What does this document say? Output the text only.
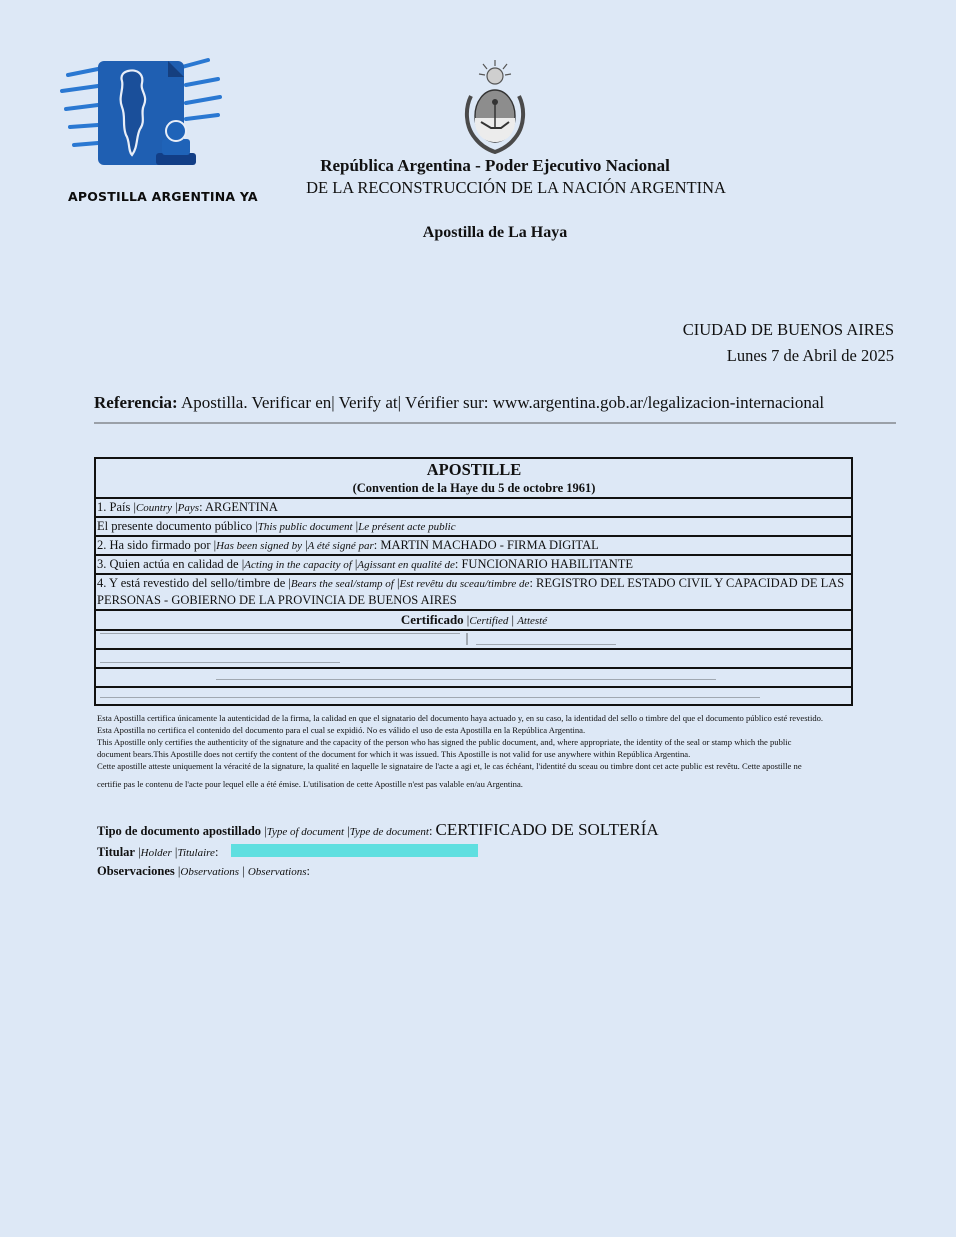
APOSTILLA ARGENTINA YA
República Argentina - Poder Ejecutivo Nacional
DE LA RECONSTRUCCIÓN DE LA NACIÓN ARGENTINA
Apostilla de La Haya
CIUDAD DE BUENOS AIRES
Lunes 7 de Abril de 2025
Referencia: Apostilla. Verificar en| Verify at| Vérifier sur: www.argentina.gob.ar/legalizacion-internacional
APOSTILLE
(Convention de la Haye du 5 de octobre 1961)
1. País |Country |Pays: ARGENTINA
El presente documento público |This public document |Le présent acte public
2. Ha sido firmado por |Has been signed by |A été signé par: MARTIN MACHADO - FIRMA DIGITAL
3. Quien actúa en calidad de |Acting in the capacity of |Agissant en qualité de: FUNCIONARIO HABILITANTE
4. Y está revestido del sello/timbre de |Bears the seal/stamp of |Est revêtu du sceau/timbre de: REGISTRO DEL ESTADO CIVIL Y CAPACIDAD DE LAS PERSONAS - GOBIERNO DE LA PROVINCIA DE BUENOS AIRES
Certificado |Certified | Attesté
Esta Apostilla certifica únicamente la autenticidad de la firma, la calidad en que el signatario del documento haya actuado y, en su caso, la identidad del sello o timbre del que el documento público esté revestido.
Esta Apostilla no certifica el contenido del documento para el cual se expidió. No es válido el uso de esta Apostilla en la República Argentina.
This Apostille only certifies the authenticity of the signature and the capacity of the person who has signed the public document, and, where appropriate, the identity of the seal or stamp which the public
document bears.This Apostille does not certify the content of the document for which it was issued. This Apostille is not valid for use anywhere within República Argentina.
Cette apostille atteste uniquement la véracité de la signature, la qualité en laquelle le signataire de l'acte a agi et, le cas échéant, l'identité du sceau ou timbre dont cet acte public est revêtu. Cette apostille ne
certifie pas le contenu de l'acte pour lequel elle a été émise. L'utilisation de cette Apostille n'est pas valable en/au Argentina.
Tipo de documento apostillado |Type of document |Type de document: CERTIFICADO DE SOLTERÍA
Titular |Holder |Titulaire:
Observaciones |Observations | Observations:
